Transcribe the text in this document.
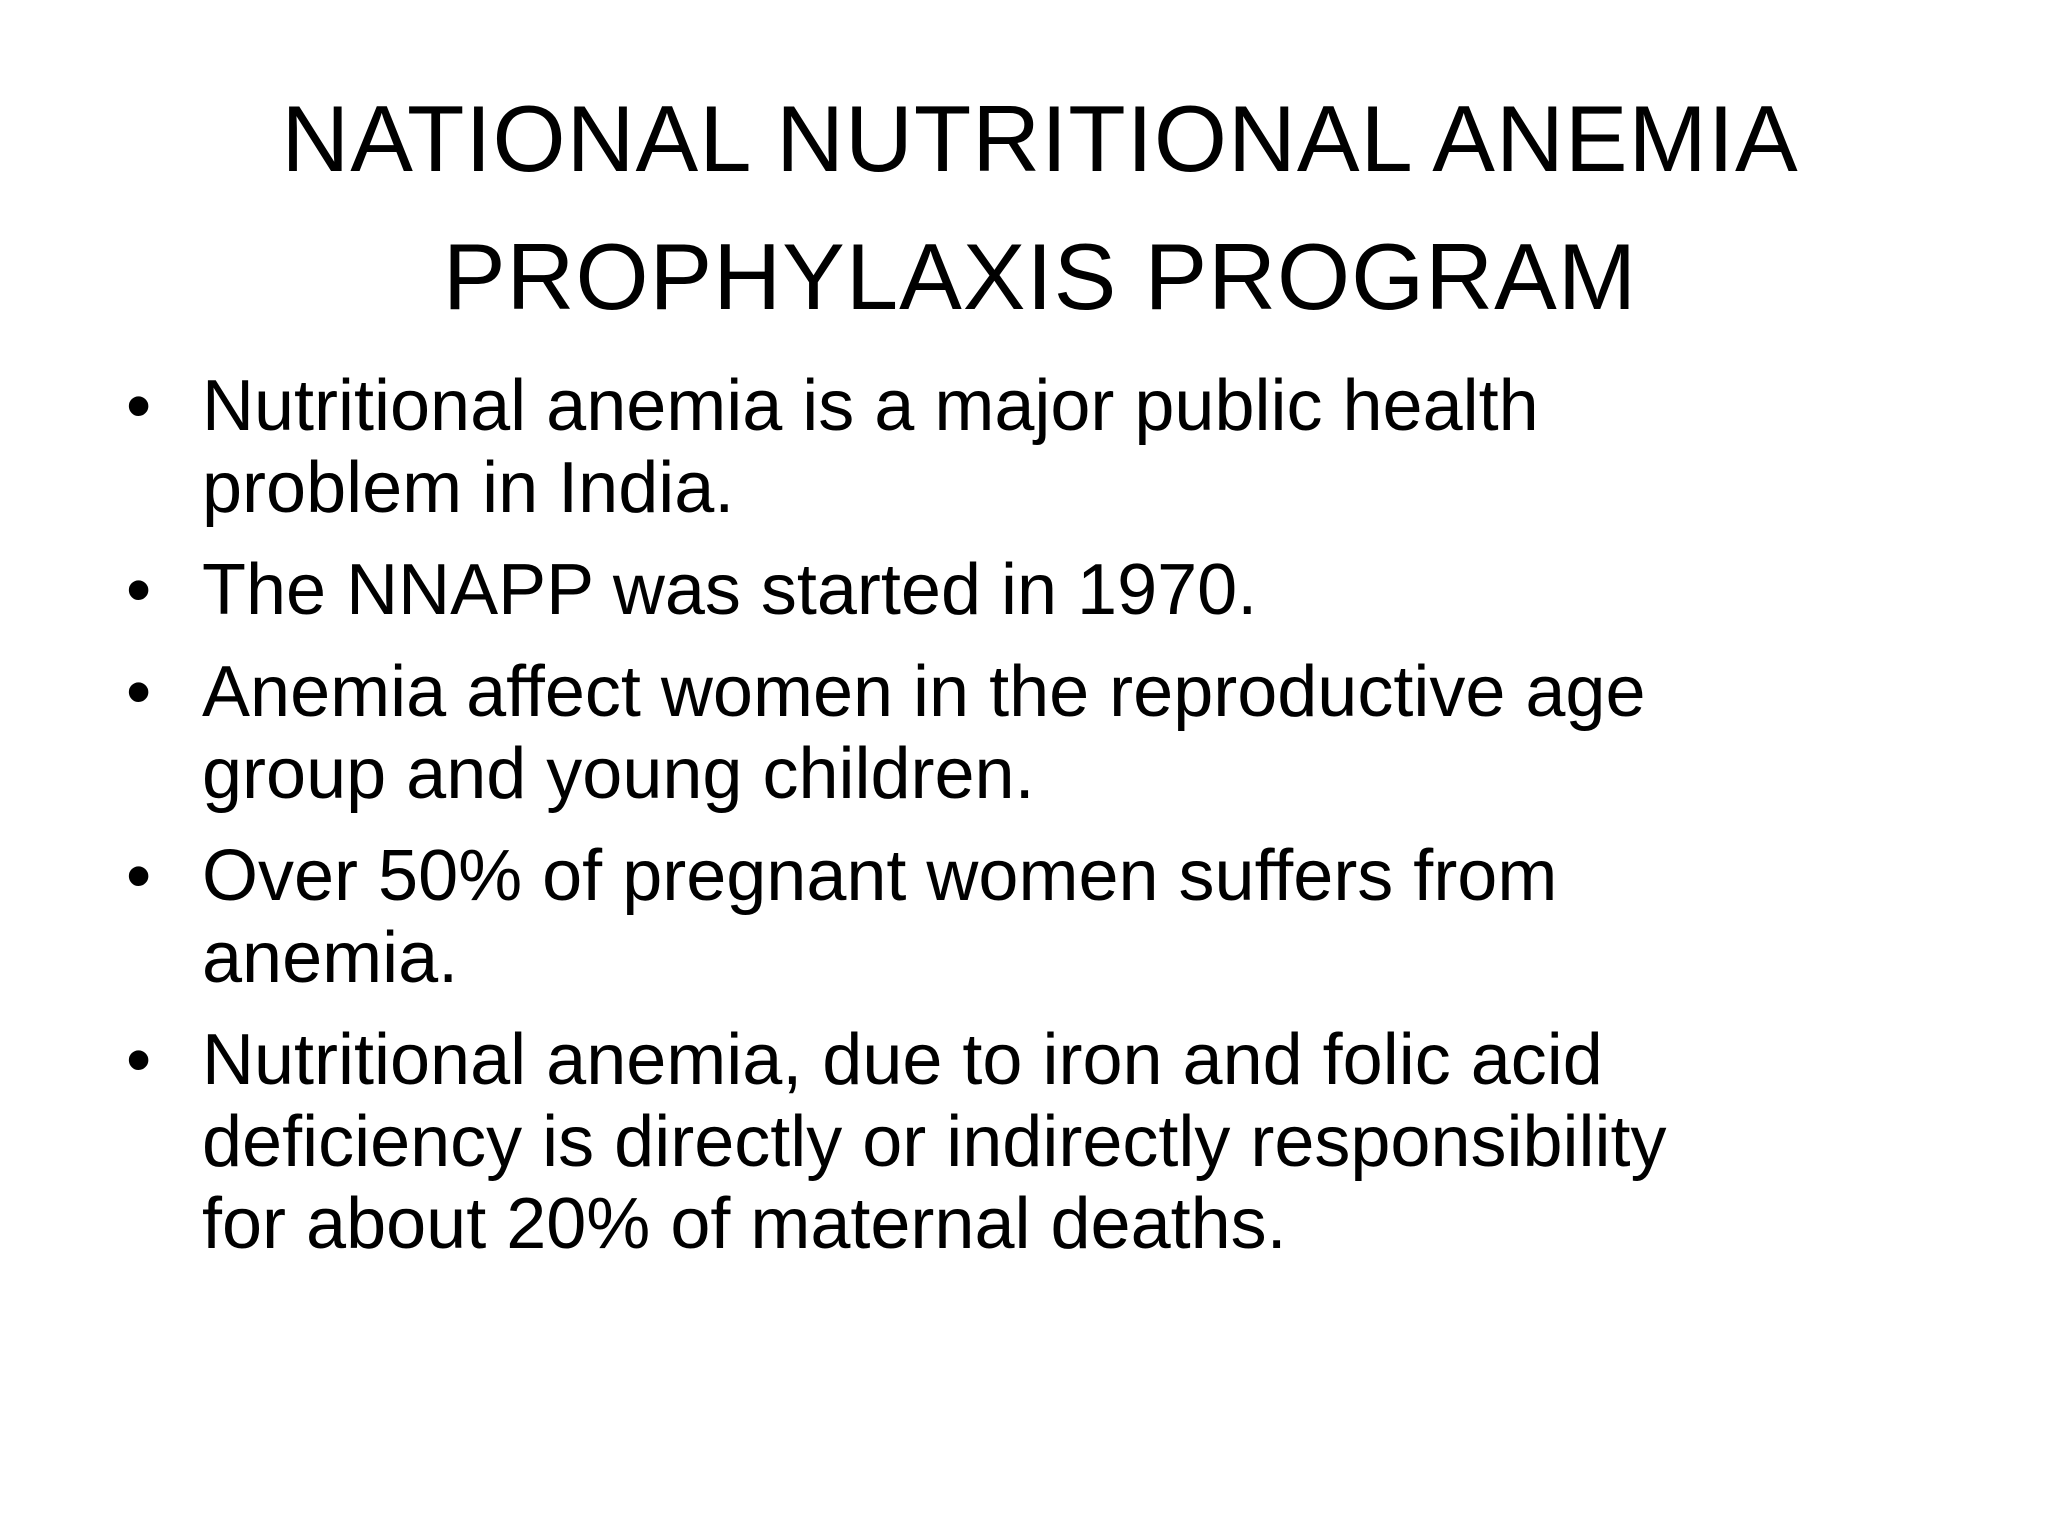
NATIONAL NUTRITIONAL ANEMIA
PROPHYLAXIS PROGRAM
• Nutritional anemia is a major public health
problem in India.
• The NNAPP was started in 1970.
• Anemia affect women in the reproductive age
group and young children.
• Over 50% of pregnant women suffers from
anemia.
• Nutritional anemia, due to iron and folic acid
deficiency is directly or indirectly responsibility
for about 20% of maternal deaths.
